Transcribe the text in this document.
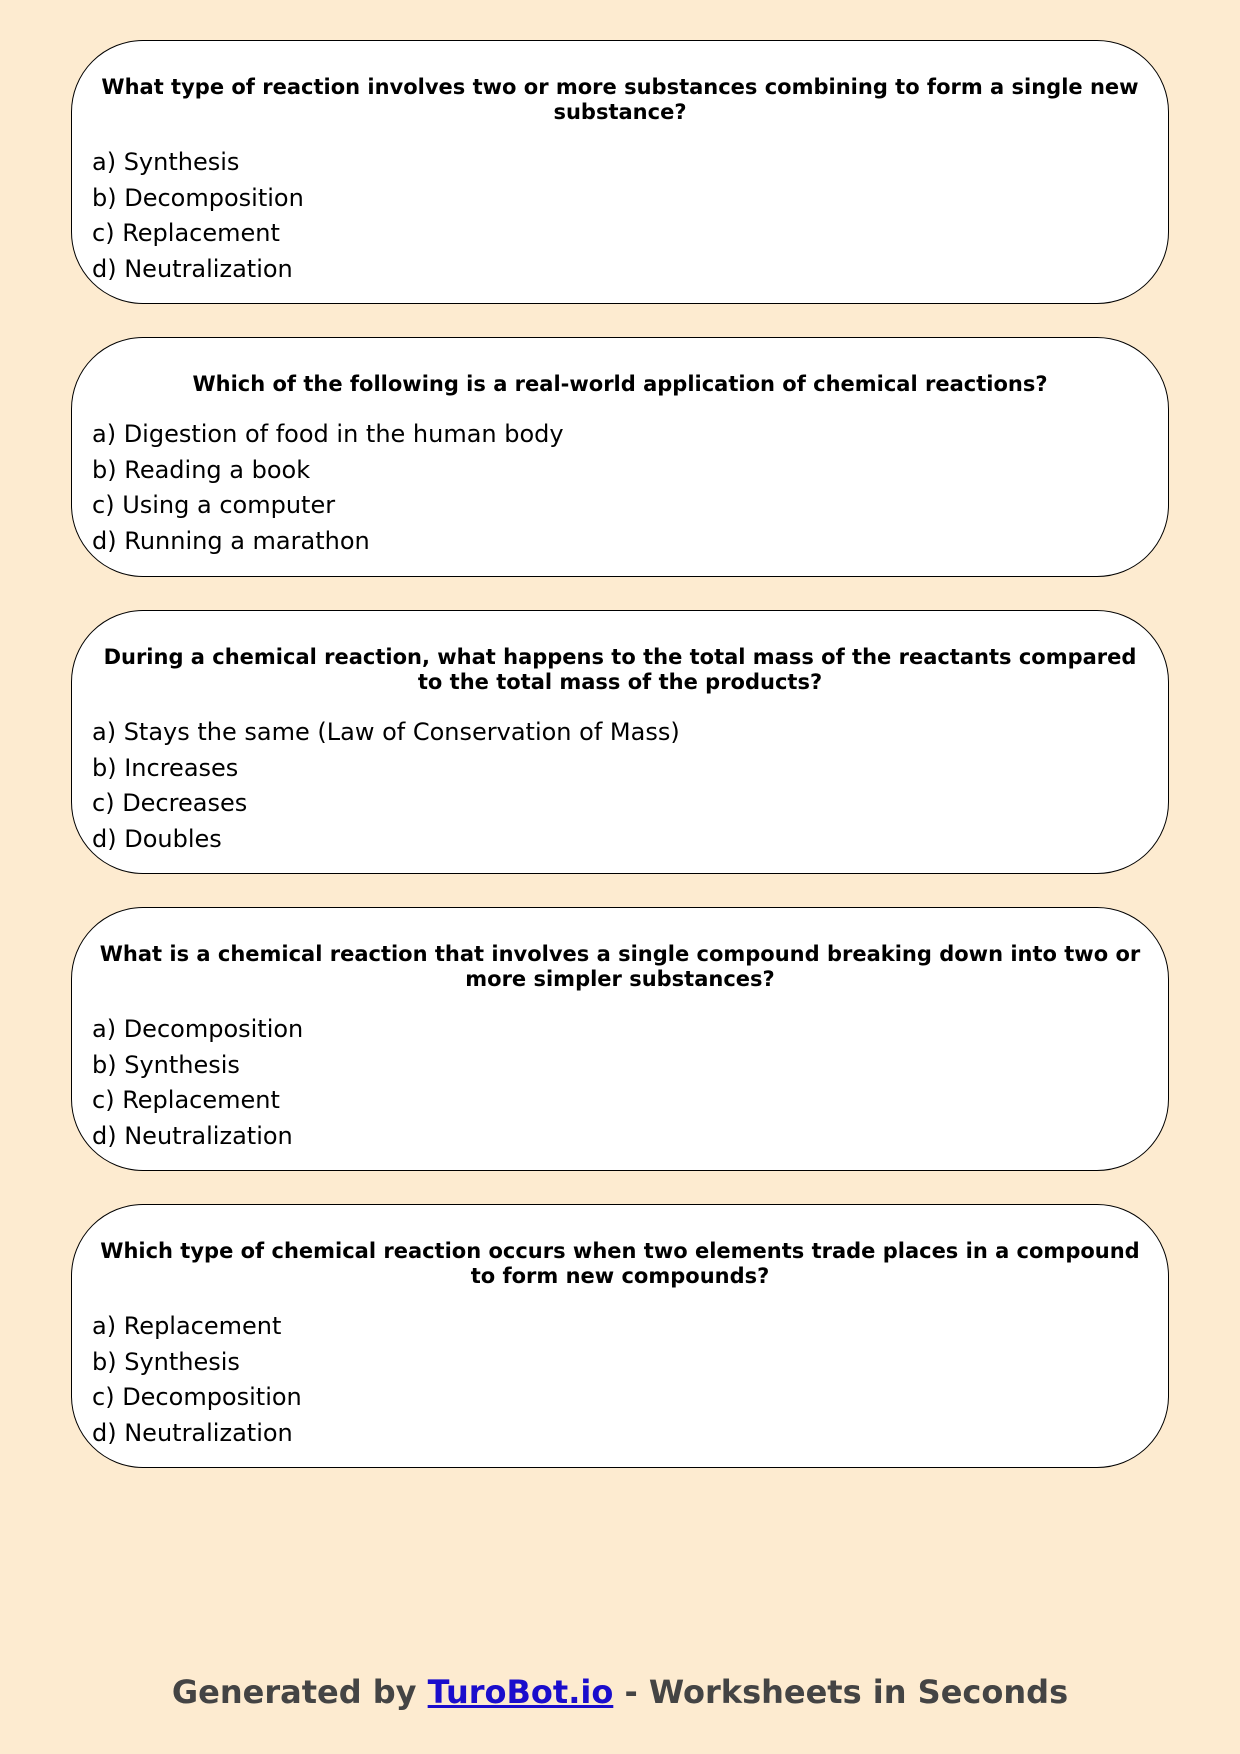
What type of reaction involves two or more substances combining to form a single new substance?
a) Synthesis
b) Decomposition
c) Replacement
d) Neutralization
Which of the following is a real-world application of chemical reactions?
a) Digestion of food in the human body
b) Reading a book
c) Using a computer
d) Running a marathon
During a chemical reaction, what happens to the total mass of the reactants compared to the total mass of the products?
a) Stays the same (Law of Conservation of Mass)
b) Increases
c) Decreases
d) Doubles
What is a chemical reaction that involves a single compound breaking down into two or more simpler substances?
a) Decomposition
b) Synthesis
c) Replacement
d) Neutralization
Which type of chemical reaction occurs when two elements trade places in a compound to form new compounds?
a) Replacement
b) Synthesis
c) Decomposition
d) Neutralization
Generated by TuroBot.io - Worksheets in Seconds
